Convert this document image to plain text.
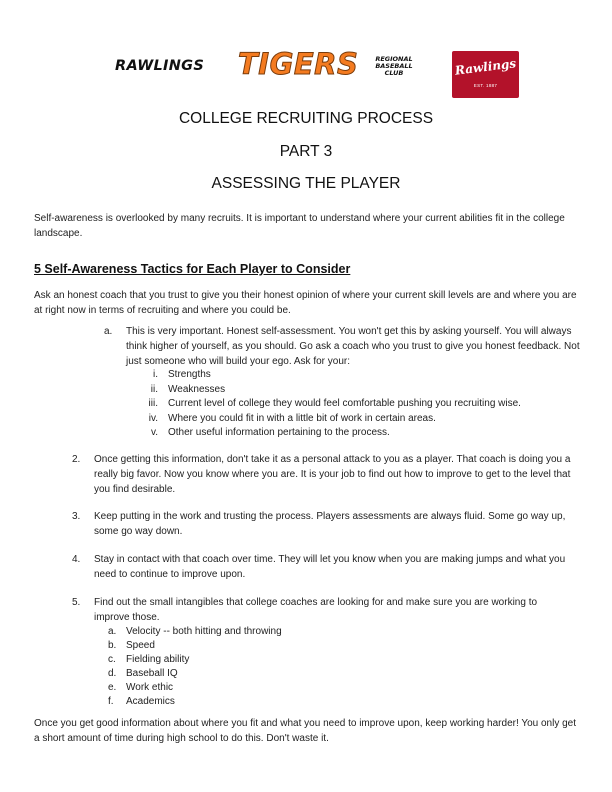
RAWLINGS TIGERS	REGIONAL
BASEBALL
CLUB	Rawlings
EST. 1887
COLLEGE RECRUITING PROCESS
PART 3
ASSESSING THE PLAYER
Self-awareness is overlooked by many recruits. It is important to understand where your current abilities fit in the college landscape.
5 Self-Awareness Tactics for Each Player to Consider
Ask an honest coach that you trust to give you their honest opinion of where your current skill levels are and where you are at right now in terms of recruiting and where you could be.
a. This is very important. Honest self-assessment. You won't get this by asking yourself. You will always think higher of yourself, as you should. Go ask a coach who you trust to give you honest feedback. Not just someone who will build your ego. Ask for your:
i. Strengths
ii. Weaknesses
iii. Current level of college they would feel comfortable pushing you recruiting wise.
iv. Where you could fit in with a little bit of work in certain areas.
v. Other useful information pertaining to the process.
2. Once getting this information, don't take it as a personal attack to you as a player. That coach is doing you a really big favor. Now you know where you are. It is your job to find out how to improve to get to the level that you find desirable.
3. Keep putting in the work and trusting the process. Players assessments are always fluid. Some go way up, some go way down.
4. Stay in contact with that coach over time. They will let you know when you are making jumps and what you need to continue to improve upon.
5. Find out the small intangibles that college coaches are looking for and make sure you are working to improve those.
a. Velocity -- both hitting and throwing
b. Speed
c. Fielding ability
d. Baseball IQ
e. Work ethic
f. Academics
Once you get good information about where you fit and what you need to improve upon, keep working harder! You only get a short amount of time during high school to do this. Don't waste it.
